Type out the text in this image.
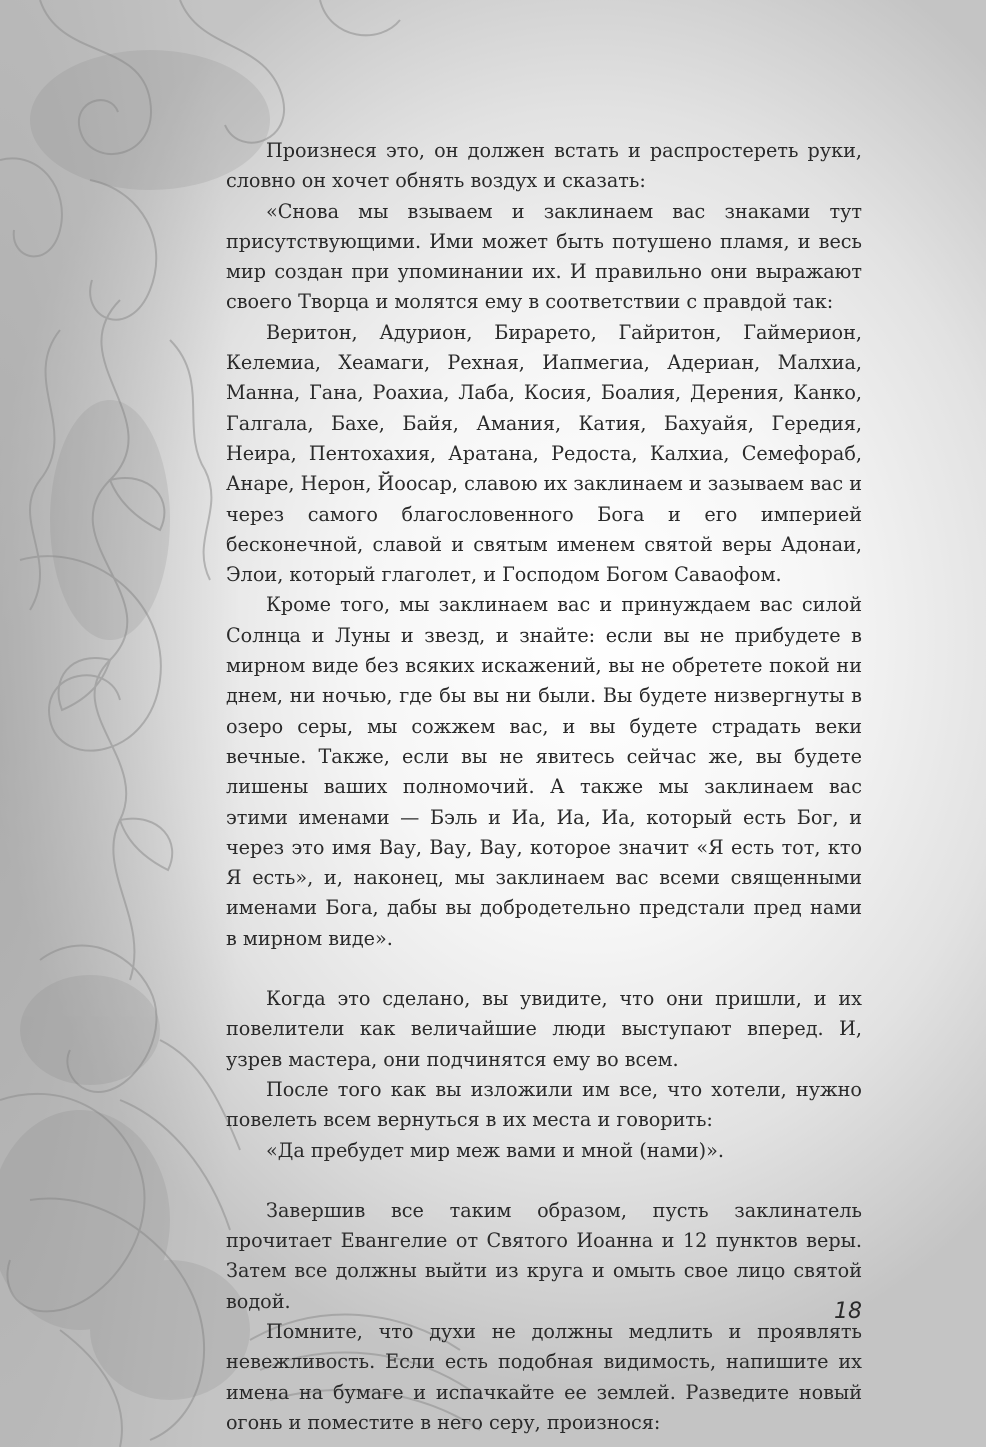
Произнеся это, он должен встать и распростереть руки, словно он хочет обнять воздух и сказать:

«Снова мы взываем и заклинаем вас знаками тут присутствующими. Ими может быть потушено пламя, и весь мир создан при упоминании их. И правильно они выражают своего Творца и молятся ему в соответствии с правдой так:

Веритон, Адурион, Бирарето, Гайритон, Гаймерион, Келемиа, Хеамаги, Рехная, Иапмегиа, Адериан, Малхиа, Манна, Гана, Роахиа, Лаба, Косия, Боалия, Дерения, Канко, Галгала, Бахе, Байя, Амания, Катия, Бахуайя, Гередия, Неира, Пентохахия, Аратана, Редоста, Калхиа, Семефораб, Анаре, Нерон, Йоосар, славою их заклинаем и зазываем вас и через самого благословенного Бога и его империей бесконечной, славой и святым именем святой веры Адонаи, Элои, который глаголет, и Господом Богом Саваофом.

Кроме того, мы заклинаем вас и принуждаем вас силой Солнца и Луны и звезд, и знайте: если вы не прибудете в мирном виде без всяких искажений, вы не обретете покой ни днем, ни ночью, где бы вы ни были. Вы будете низвергнуты в озеро серы, мы сожжем вас, и вы будете страдать веки вечные. Также, если вы не явитесь сейчас же, вы будете лишены ваших полномочий. А также мы заклинаем вас этими именами — Бэль и Иа, Иа, Иа, который есть Бог, и через это имя Вау, Вау, Вау, которое значит «Я есть тот, кто Я есть», и, наконец, мы заклинаем вас всеми священными именами Бога, дабы вы добродетельно предстали пред нами в мирном виде».

Когда это сделано, вы увидите, что они пришли, и их повелители как величайшие люди выступают вперед. И, узрев мастера, они подчинятся ему во всем.

После того как вы изложили им все, что хотели, нужно повелеть всем вернуться в их места и говорить:

«Да пребудет мир меж вами и мной (нами)».

Завершив все таким образом, пусть заклинатель прочитает Евангелие от Святого Иоанна и 12 пунктов веры. Затем все должны выйти из круга и омыть свое лицо святой водой.

Помните, что духи не должны медлить и проявлять невежливость. Если есть подобная видимость, напишите их имена на бумаге и испачкайте ее землей. Разведите новый огонь и поместите в него серу, произнося:

18
